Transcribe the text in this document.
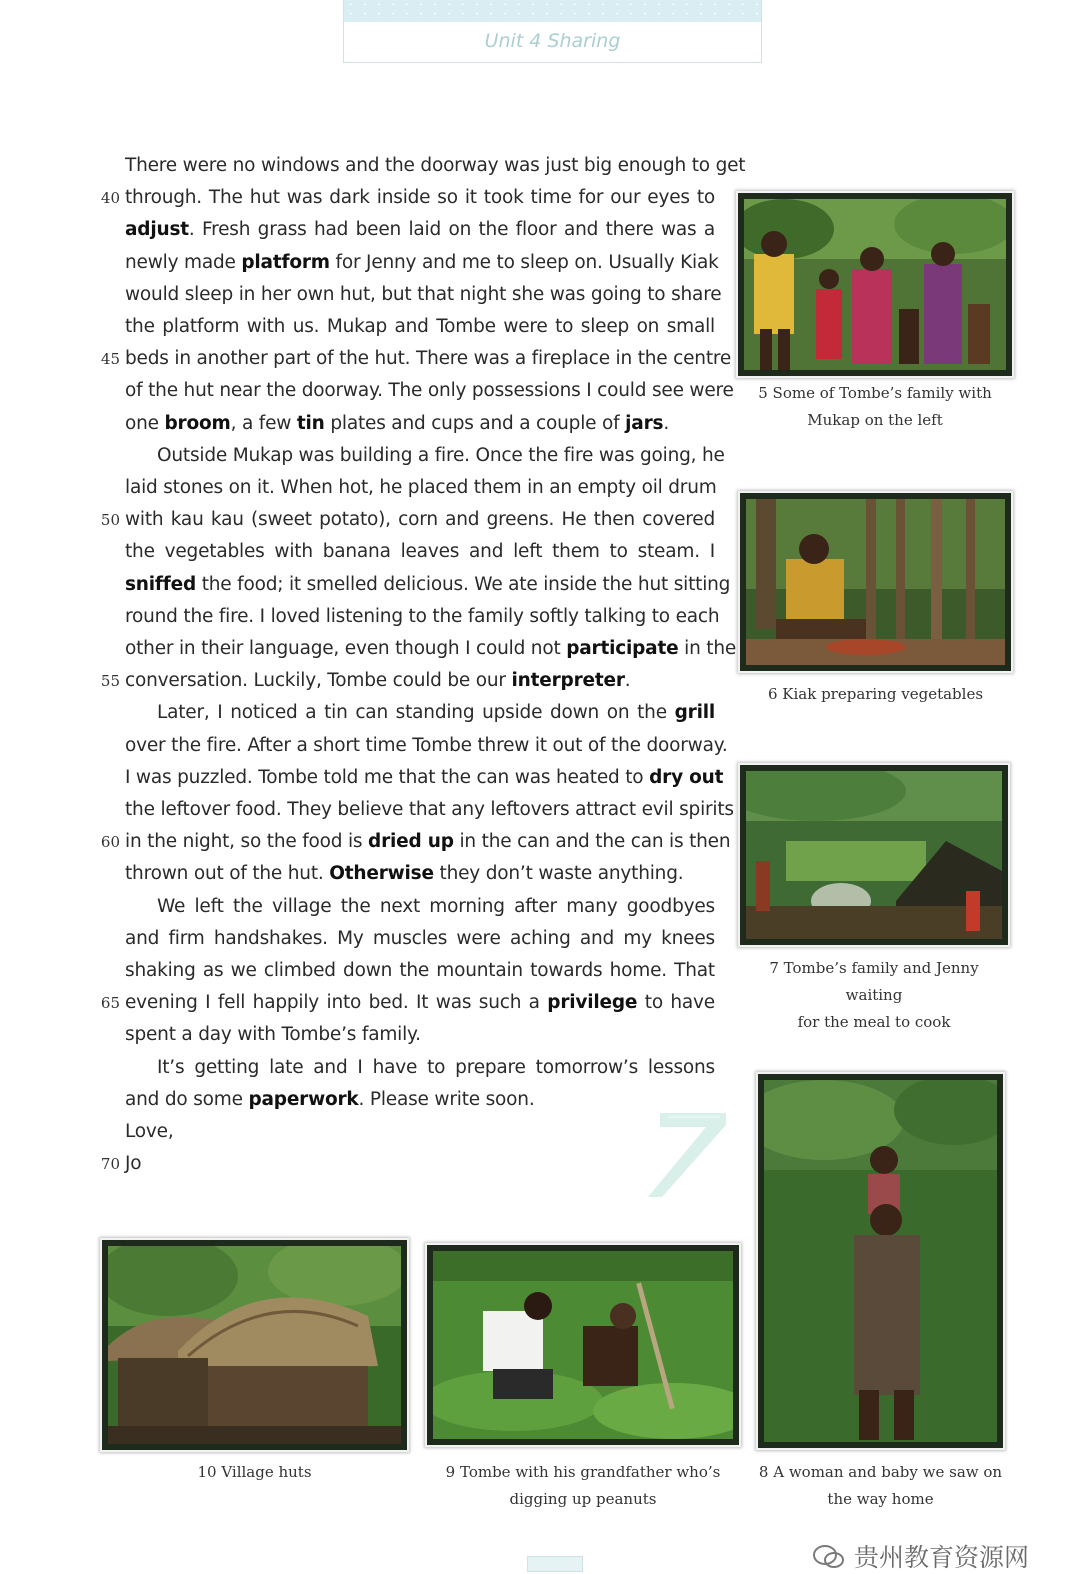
Unit 4 Sharing
There were no windows and the doorway was just big enough to get
through. The hut was dark inside so it took time for our eyes to
40
adjust. Fresh grass had been laid on the floor and there was a
newly made platform for Jenny and me to sleep on. Usually Kiak
would sleep in her own hut, but that night she was going to share
the platform with us. Mukap and Tombe were to sleep on small
beds in another part of the hut. There was a fireplace in the centre
45
of the hut near the doorway. The only possessions I could see were
one broom, a few tin plates and cups and a couple of jars.
Outside Mukap was building a fire. Once the fire was going, he
laid stones on it. When hot, he placed them in an empty oil drum
with kau kau (sweet potato), corn and greens. He then covered
50
the vegetables with banana leaves and left them to steam. I
sniffed the food; it smelled delicious. We ate inside the hut sitting
round the fire. I loved listening to the family softly talking to each
other in their language, even though I could not participate in the
conversation. Luckily, Tombe could be our interpreter.
55
Later, I noticed a tin can standing upside down on the grill
over the fire. After a short time Tombe threw it out of the doorway.
I was puzzled. Tombe told me that the can was heated to dry out
the leftover food. They believe that any leftovers attract evil spirits
in the night, so the food is dried up in the can and the can is then
60
thrown out of the hut. Otherwise they don’t waste anything.
We left the village the next morning after many goodbyes
and firm handshakes. My muscles were aching and my knees
shaking as we climbed down the mountain towards home. That
evening I fell happily into bed. It was such a privilege to have
65
spent a day with Tombe’s family.
It’s getting late and I have to prepare tomorrow’s lessons
and do some paperwork. Please write soon.
Love,
Jo
70
5 Some of Tombe’s family with
Mukap on the left
6 Kiak preparing vegetables
7 Tombe’s family and Jenny waiting
for the meal to cook
8 A woman and baby we saw on
the way home
9 Tombe with his grandfather who’s
digging up peanuts
10 Village huts
贵州教育资源网
